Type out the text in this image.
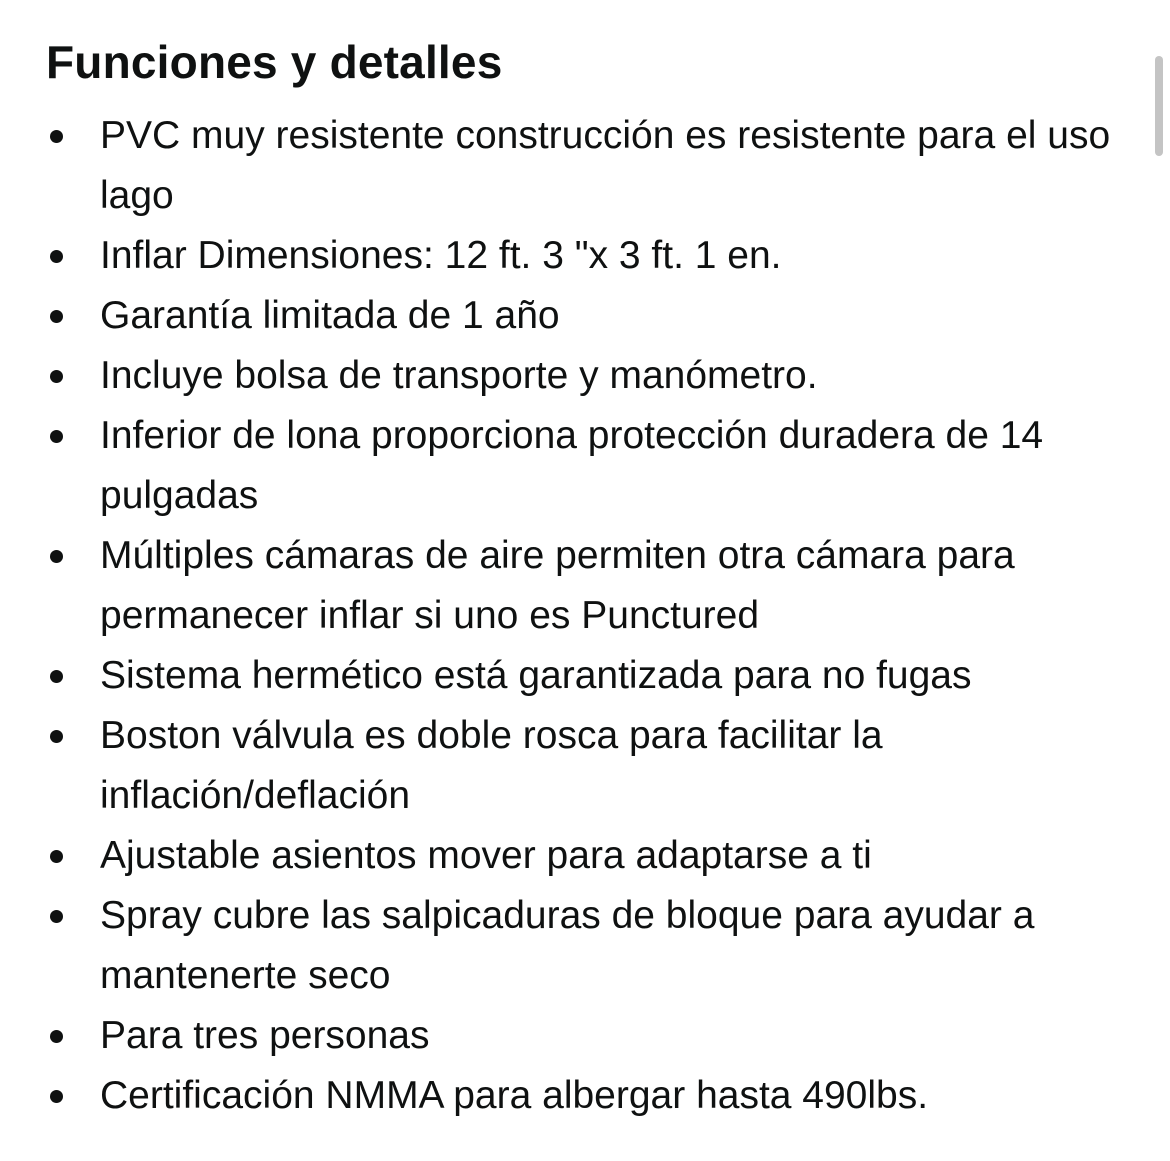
Funciones y detalles
PVC muy resistente construcción es resistente para el uso lago
Inflar Dimensiones: 12 ft. 3 "x 3 ft. 1 en.
Garantía limitada de 1 año
Incluye bolsa de transporte y manómetro.
Inferior de lona proporciona protección duradera de 14 pulgadas
Múltiples cámaras de aire permiten otra cámara para permanecer inflar si uno es Punctured
Sistema hermético está garantizada para no fugas
Boston válvula es doble rosca para facilitar la inflación/deflación
Ajustable asientos mover para adaptarse a ti
Spray cubre las salpicaduras de bloque para ayudar a mantenerte seco
Para tres personas
Certificación NMMA para albergar hasta 490lbs.
